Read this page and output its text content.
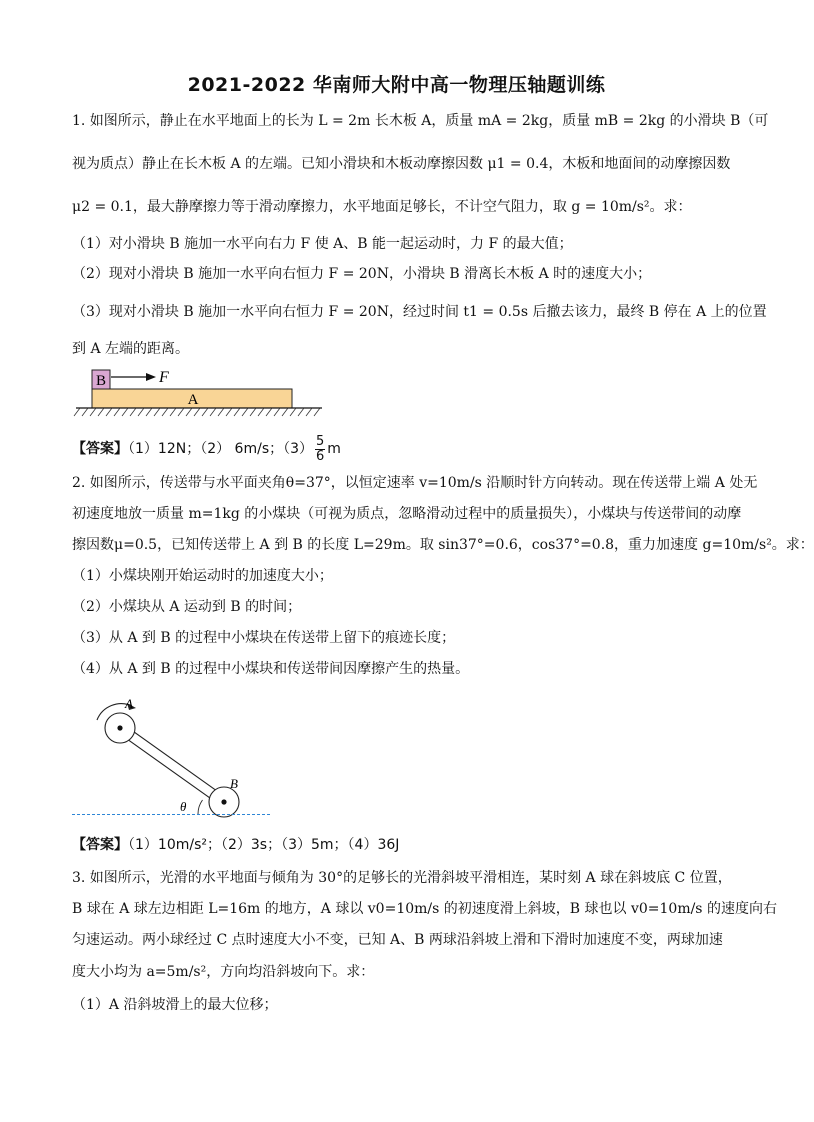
2021-2022 华南师大附中高一物理压轴题训练
1. 如图所示，静止在水平地面上的长为 L = 2m 长木板 A，质量 mA = 2kg，质量 mB = 2kg 的小滑块 B（可
视为质点）静止在长木板 A 的左端。已知小滑块和木板动摩擦因数 μ1 = 0.4，木板和地面间的动摩擦因数
μ2 = 0.1，最大静摩擦力等于滑动摩擦力，水平地面足够长，不计空气阻力，取 g = 10m/s²。求：
（1）对小滑块 B 施加一水平向右力 F 使 A、B 能一起运动时，力 F 的最大值；
（2）现对小滑块 B 施加一水平向右恒力 F = 20N，小滑块 B 滑离长木板 A 时的速度大小；
（3）现对小滑块 B 施加一水平向右恒力 F = 20N，经过时间 t1 = 0.5s 后撤去该力，最终 B 停在 A 上的位置
到 A 左端的距离。
B	F
A
【答案】（1）12N；（2） 6m/s；$(3) \frac{5}{6}$ m
2. 如图所示，传送带与水平面夹角θ=37°，以恒定速率 v=10m/s 沿顺时针方向转动。现在传送带上端 A 处无
初速度地放一质量 m=1kg 的小煤块（可视为质点，忽略滑动过程中的质量损失），小煤块与传送带间的动摩
擦因数μ=0.5，已知传送带上 A 到 B 的长度 L=29m。取 sin37°=0.6，cos37°=0.8，重力加速度 g=10m/s²。求：
（1）小煤块刚开始运动时的加速度大小；
（2）小煤块从 A 运动到 B 的时间；
（3）从 A 到 B 的过程中小煤块在传送带上留下的痕迹长度；
（4）从 A 到 B 的过程中小煤块和传送带间因摩擦产生的热量。
A
B
θ
【答案】（1）10m/s²；（2）3s；（3）5m；（4）36J
3. 如图所示，光滑的水平地面与倾角为 30°的足够长的光滑斜坡平滑相连，某时刻 A 球在斜坡底 C 位置，
B 球在 A 球左边相距 L=16m 的地方，A 球以 v0=10m/s 的初速度滑上斜坡，B 球也以 v0=10m/s 的速度向右
匀速运动。两小球经过 C 点时速度大小不变，已知 A、B 两球沿斜坡上滑和下滑时加速度不变，两球加速
度大小均为 a=5m/s²，方向均沿斜坡向下。求：
（1）A 沿斜坡滑上的最大位移；
